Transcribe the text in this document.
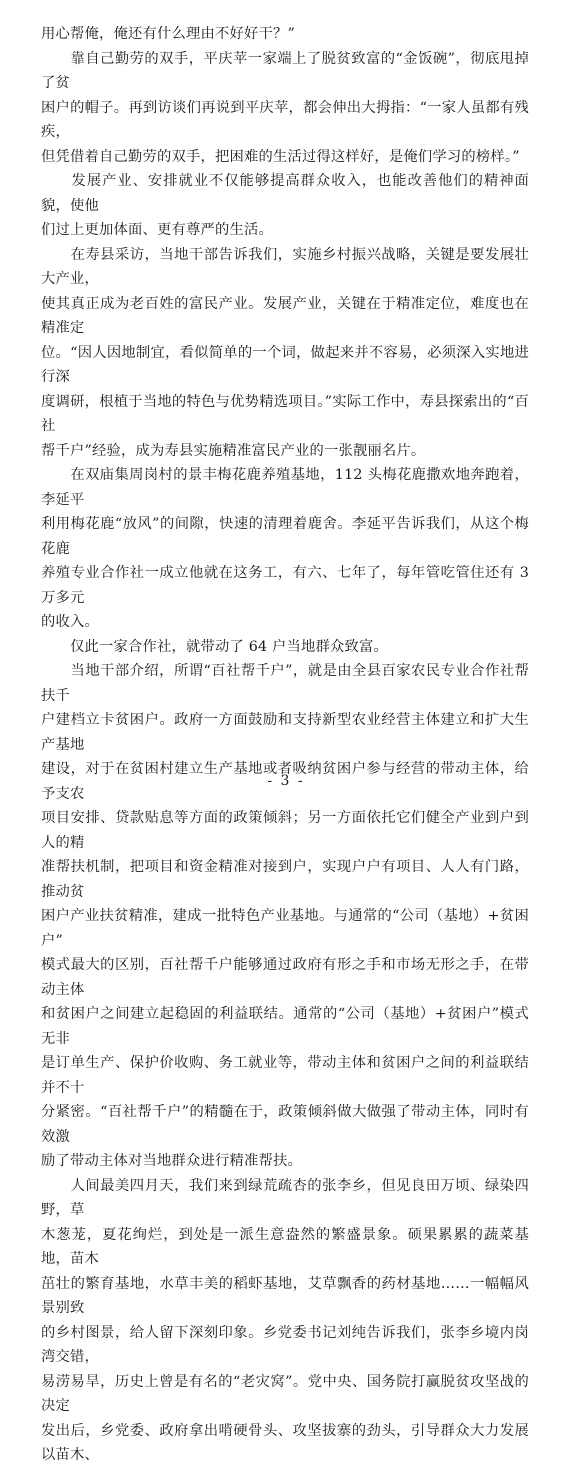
用心帮俺，俺还有什么理由不好好干？”

　　靠自己勤劳的双手，平庆苹一家端上了脱贫致富的“金饭碗”，彻底甩掉了贫

困户的帽子。再到访谈们再说到平庆苹，都会伸出大拇指：“一家人虽都有残疾，

但凭借着自己勤劳的双手，把困难的生活过得这样好，是俺们学习的榜样。”

　　发展产业、安排就业不仅能够提高群众收入，也能改善他们的精神面貌，使他

们过上更加体面、更有尊严的生活。

　　在寿县采访，当地干部告诉我们，实施乡村振兴战略，关键是要发展壮大产业，

使其真正成为老百姓的富民产业。发展产业，关键在于精准定位，难度也在精准定

位。“因人因地制宜，看似简单的一个词，做起来并不容易，必须深入实地进行深

度调研，根植于当地的特色与优势精选项目。”实际工作中，寿县探索出的“百社

帮千户”经验，成为寿县实施精准富民产业的一张靓丽名片。

　　在双庙集周岗村的景丰梅花鹿养殖基地，112 头梅花鹿撒欢地奔跑着，李延平

利用梅花鹿“放风”的间隙，快速的清理着鹿舍。李延平告诉我们，从这个梅花鹿

养殖专业合作社一成立他就在这务工，有六、七年了，每年管吃管住还有 3 万多元

的收入。

　　仅此一家合作社，就带动了 64 户当地群众致富。

　　当地干部介绍，所谓“百社帮千户”，就是由全县百家农民专业合作社帮扶千

户建档立卡贫困户。政府一方面鼓励和支持新型农业经营主体建立和扩大生产基地

建设，对于在贫困村建立生产基地或者吸纳贫困户参与经营的带动主体，给予支农

项目安排、贷款贴息等方面的政策倾斜；另一方面依托它们健全产业到户到人的精

准帮扶机制，把项目和资金精准对接到户，实现户户有项目、人人有门路，推动贫

困户产业扶贫精准，建成一批特色产业基地。与通常的“公司（基地）+贫困户”

模式最大的区别，百社帮千户能够通过政府有形之手和市场无形之手，在带动主体

和贫困户之间建立起稳固的利益联结。通常的“公司（基地）+贫困户”模式无非

是订单生产、保护价收购、务工就业等，带动主体和贫困户之间的利益联结并不十

分紧密。“百社帮千户”的精髓在于，政策倾斜做大做强了带动主体，同时有效激

励了带动主体对当地群众进行精准帮扶。

　　人间最美四月天，我们来到绿荒疏杏的张李乡，但见良田万顷、绿染四野，草

木葱茏，夏花绚烂，到处是一派生意盎然的繁盛景象。硕果累累的蔬菜基地，苗木

茁壮的繁育基地，水草丰美的稻虾基地，艾草飘香的药材基地……一幅幅风景别致

的乡村图景，给人留下深刻印象。乡党委书记刘纯告诉我们，张李乡境内岗湾交错，

易涝易旱，历史上曾是有名的“老灾窝”。党中央、国务院打赢脱贫攻坚战的决定

发出后，乡党委、政府拿出啃硬骨头、攻坚拔寨的劲头，引导群众大力发展以苗木、

- 3 -
